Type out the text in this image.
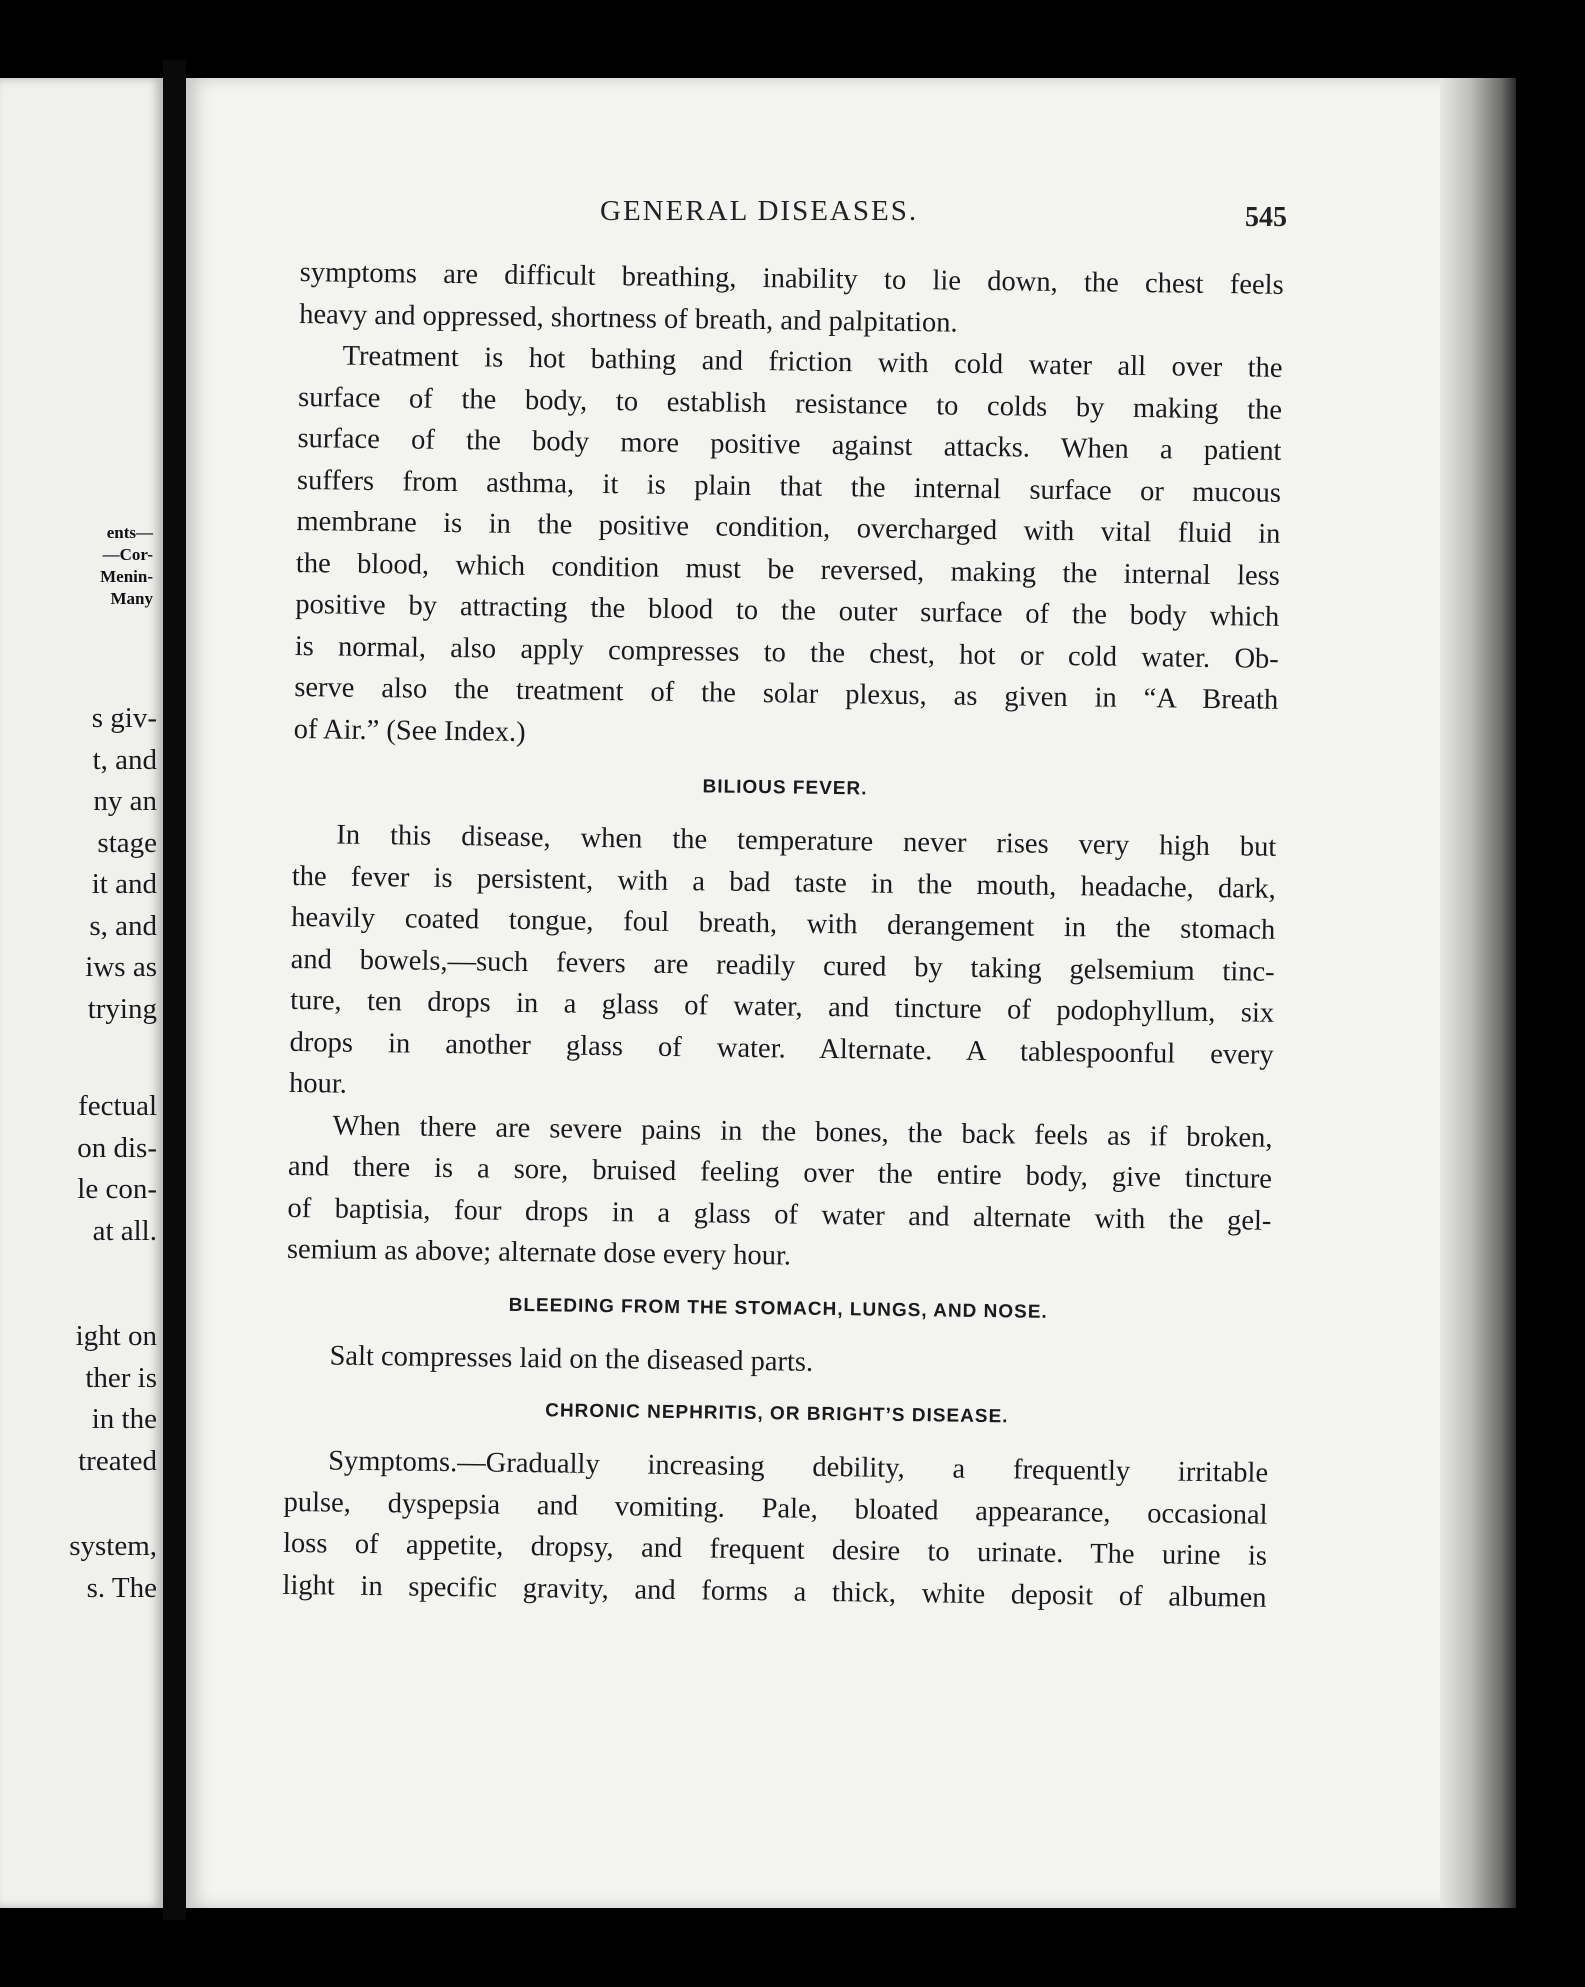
ents—
—Cor-
Menin-
Many
s giv-
t, and
ny an
stage
it and
s, and
iws as
trying
fectual
on dis-
le con-
at all.
ight on
ther is
in the
treated
system,
s. The
GENERAL DISEASES.	545
symptoms are difficult breathing, inability to lie down, the chest feels
heavy and oppressed, shortness of breath, and palpitation.
Treatment is hot bathing and friction with cold water all over the
surface of the body, to establish resistance to colds by making the
surface of the body more positive against attacks. When a patient
suffers from asthma, it is plain that the internal surface or mucous
membrane is in the positive condition, overcharged with vital fluid in
the blood, which condition must be reversed, making the internal less
positive by attracting the blood to the outer surface of the body which
is normal, also apply compresses to the chest, hot or cold water. Ob-
serve also the treatment of the solar plexus, as given in “A Breath
of Air.” (See Index.)
BILIOUS FEVER.
In this disease, when the temperature never rises very high but
the fever is persistent, with a bad taste in the mouth, headache, dark,
heavily coated tongue, foul breath, with derangement in the stomach
and bowels,—such fevers are readily cured by taking gelsemium tinc-
ture, ten drops in a glass of water, and tincture of podophyllum, six
drops in another glass of water. Alternate. A tablespoonful every
hour.
When there are severe pains in the bones, the back feels as if broken,
and there is a sore, bruised feeling over the entire body, give tincture
of baptisia, four drops in a glass of water and alternate with the gel-
semium as above; alternate dose every hour.
BLEEDING FROM THE STOMACH, LUNGS, AND NOSE.
Salt compresses laid on the diseased parts.
CHRONIC NEPHRITIS, OR BRIGHT’S DISEASE.
Symptoms.—Gradually increasing debility, a frequently irritable
pulse, dyspepsia and vomiting. Pale, bloated appearance, occasional
loss of appetite, dropsy, and frequent desire to urinate. The urine is
light in specific gravity, and forms a thick, white deposit of albumen
